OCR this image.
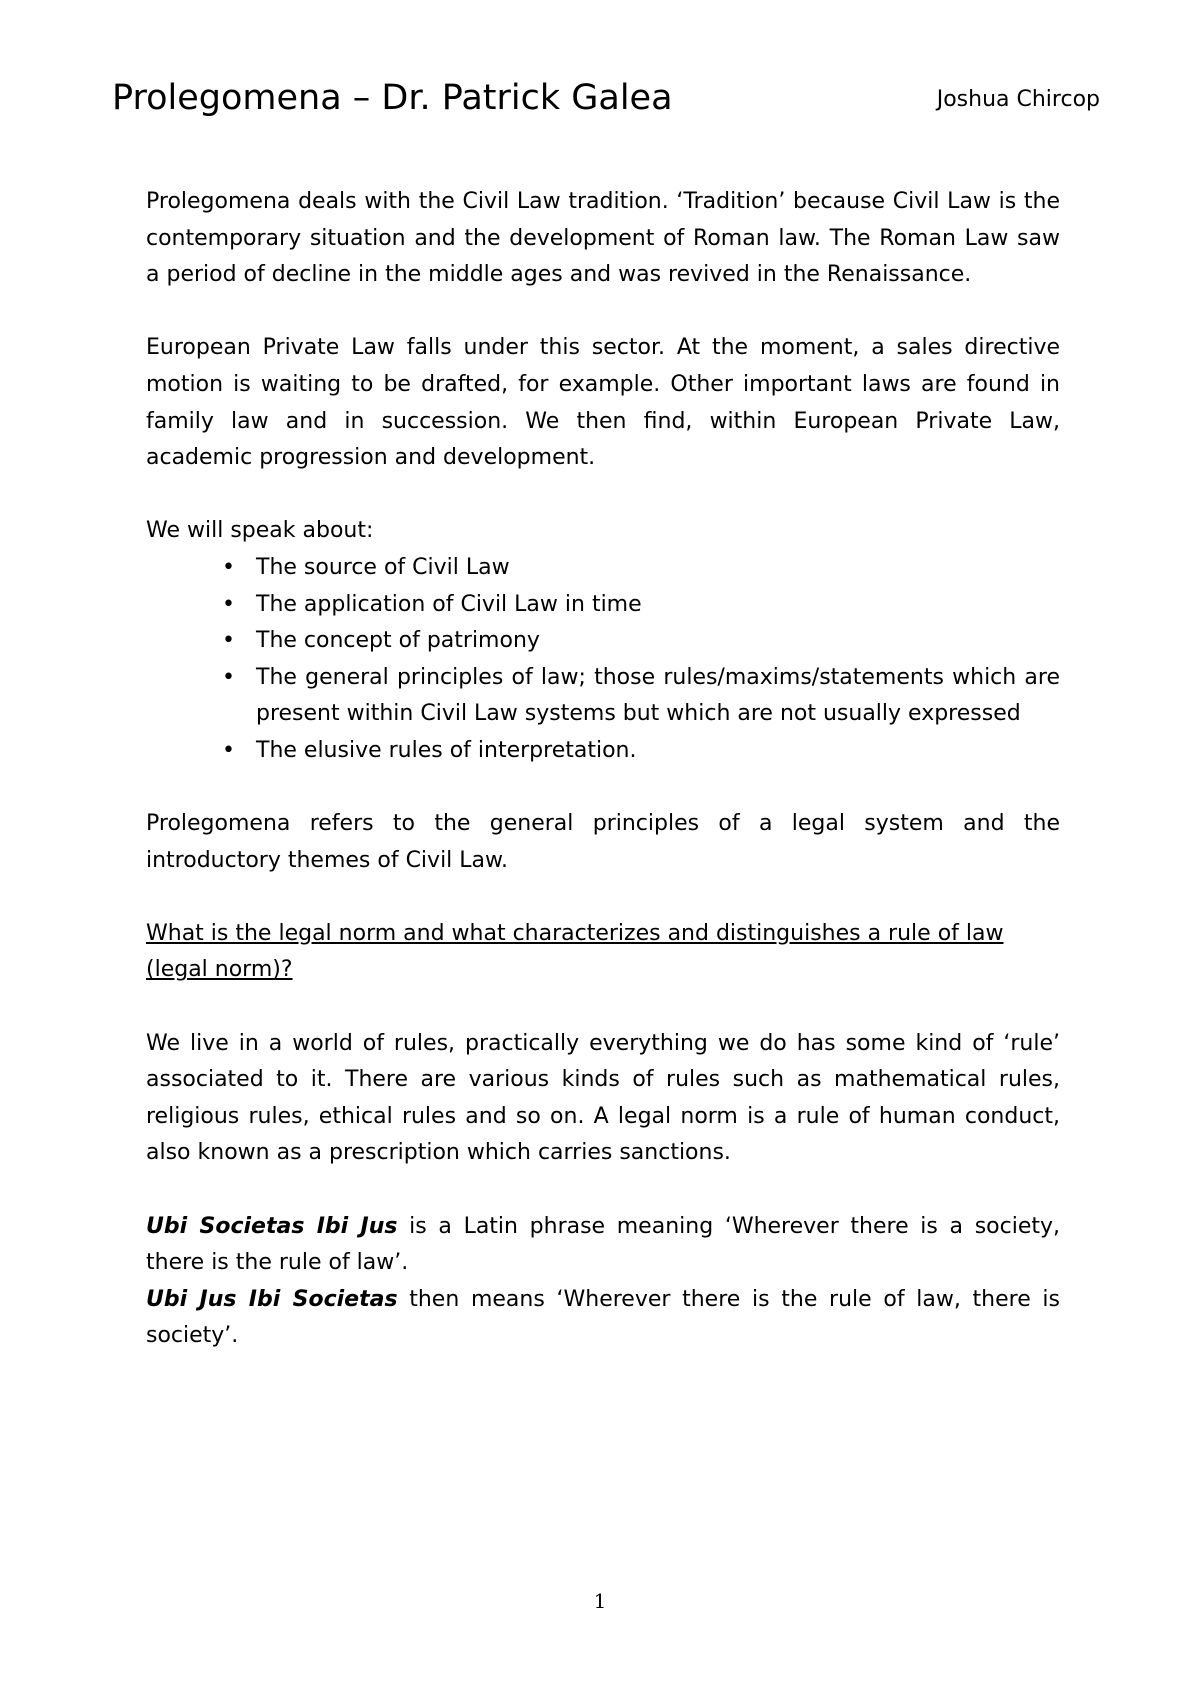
Prolegomena – Dr. Patrick Galea	Joshua Chircop

Prolegomena deals with the Civil Law tradition. ‘Tradition’ because Civil Law is the contemporary situation and the development of Roman law. The Roman Law saw a period of decline in the middle ages and was revived in the Renaissance.

European Private Law falls under this sector. At the moment, a sales directive motion is waiting to be drafted, for example. Other important laws are found in family law and in succession. We then find, within European Private Law, academic progression and development.

We will speak about:

• The source of Civil Law
• The application of Civil Law in time
• The concept of patrimony
• The general principles of law; those rules/maxims/statements which are present within Civil Law systems but which are not usually expressed
• The elusive rules of interpretation.

Prolegomena refers to the general principles of a legal system and the introductory themes of Civil Law.

What is the legal norm and what characterizes and distinguishes a rule of law (legal norm)?

We live in a world of rules, practically everything we do has some kind of ‘rule’ associated to it. There are various kinds of rules such as mathematical rules, religious rules, ethical rules and so on. A legal norm is a rule of human conduct, also known as a prescription which carries sanctions.

Ubi Societas Ibi Jus is a Latin phrase meaning ‘Wherever there is a society, there is the rule of law’.

Ubi Jus Ibi Societas then means ‘Wherever there is the rule of law, there is society’.

1
